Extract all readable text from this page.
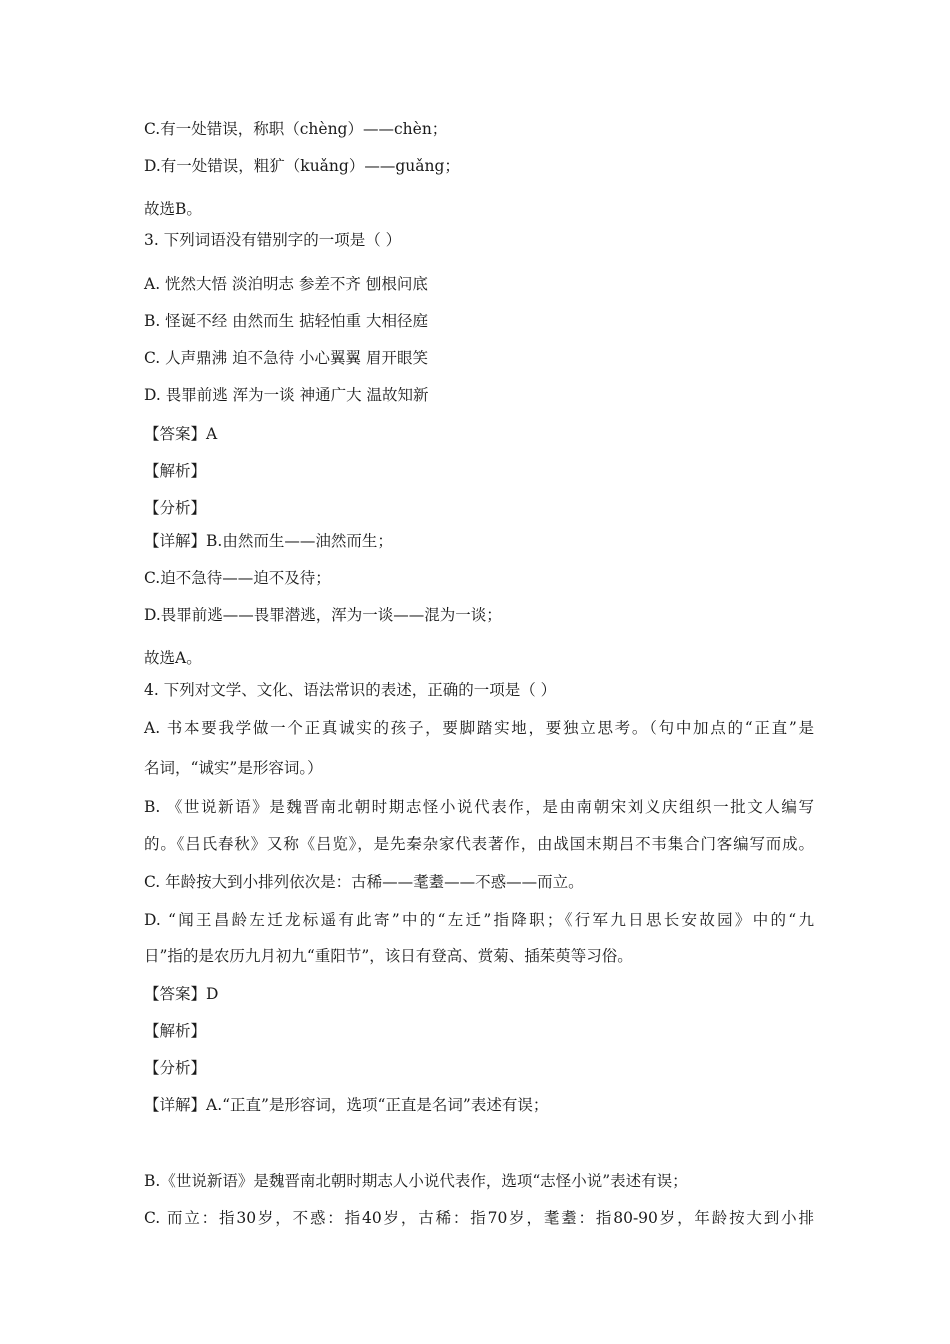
C.有一处错误，称职（chèng）——chèn；
D.有一处错误，粗犷（kuǎng）——guǎng；
故选B。
3. 下列词语没有错别字的一项是（ ）
A. 恍然大悟 淡泊明志 参差不齐 刨根问底
B. 怪诞不经 由然而生 掂轻怕重 大相径庭
C. 人声鼎沸 迫不急待 小心翼翼 眉开眼笑
D. 畏罪前逃 浑为一谈 神通广大 温故知新
【答案】A
【解析】
【分析】
【详解】B.由然而生——油然而生；
C.迫不急待——迫不及待；
D.畏罪前逃——畏罪潜逃，浑为一谈——混为一谈；
故选A。
4. 下列对文学、文化、语法常识的表述，正确的一项是（ ）
A. 书本要我学做一个正真诚实的孩子，要脚踏实地，要独立思考。（句中加点的“正直”是
名词，“诚实”是形容词。）
B. 《世说新语》是魏晋南北朝时期志怪小说代表作，是由南朝宋刘义庆组织一批文人编写
的。《吕氏春秋》又称《吕览》，是先秦杂家代表著作，由战国末期吕不韦集合门客编写而成。
C. 年龄按大到小排列依次是：古稀——耄耋——不惑——而立。
D. “闻王昌龄左迁龙标遥有此寄”中的“左迁”指降职；《行军九日思长安故园》中的“九
日”指的是农历九月初九“重阳节”，该日有登高、赏菊、插茱萸等习俗。
【答案】D
【解析】
【分析】
【详解】A.“正直”是形容词，选项“正直是名词”表述有误；
B.《世说新语》是魏晋南北朝时期志人小说代表作，选项“志怪小说”表述有误；
C. 而立：指30岁，不惑：指40岁，古稀：指70岁，耄耋：指80-90岁，年龄按大到小排
